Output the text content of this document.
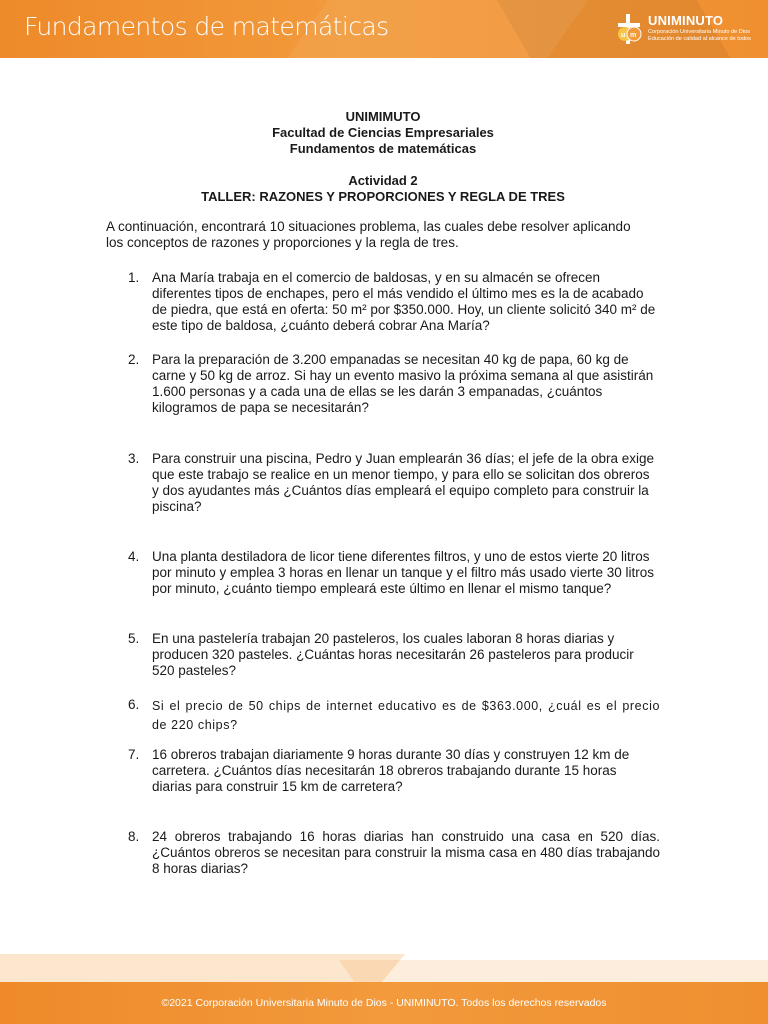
Fundamentos de matemáticas	u m
UNIMINUTO
Corporación Universitaria Minuto de Dios
Educación de calidad al alcance de todos
UNIMIMUTO
Facultad de Ciencias Empresariales
Fundamentos de matemáticas
Actividad 2
TALLER: RAZONES Y PROPORCIONES Y REGLA DE TRES
A continuación, encontrará 10 situaciones problema, las cuales debe resolver aplicando los conceptos de razones y proporciones y la regla de tres.
1. Ana María trabaja en el comercio de baldosas, y en su almacén se ofrecen diferentes tipos de enchapes, pero el más vendido el último mes es la de acabado de piedra, que está en oferta: 50 m² por $350.000. Hoy, un cliente solicitó 340 m² de este tipo de baldosa, ¿cuánto deberá cobrar Ana María?
2. Para la preparación de 3.200 empanadas se necesitan 40 kg de papa, 60 kg de carne y 50 kg de arroz. Si hay un evento masivo la próxima semana al que asistirán 1.600 personas y a cada una de ellas se les darán 3 empanadas, ¿cuántos kilogramos de papa se necesitarán?
3. Para construir una piscina, Pedro y Juan emplearán 36 días; el jefe de la obra exige que este trabajo se realice en un menor tiempo, y para ello se solicitan dos obreros y dos ayudantes más ¿Cuántos días empleará el equipo completo para construir la piscina?
4. Una planta destiladora de licor tiene diferentes filtros, y uno de estos vierte 20 litros por minuto y emplea 3 horas en llenar un tanque y el filtro más usado vierte 30 litros por minuto, ¿cuánto tiempo empleará este último en llenar el mismo tanque?
5. En una pastelería trabajan 20 pasteleros, los cuales laboran 8 horas diarias y producen 320 pasteles. ¿Cuántas horas necesitarán 26 pasteleros para producir 520 pasteles?
6.	Si el precio de 50 chips de internet educativo es de $363.000, ¿cuál es el precio de 220 chips?
7. 16 obreros trabajan diariamente 9 horas durante 30 días y construyen 12 km de carretera. ¿Cuántos días necesitarán 18 obreros trabajando durante 15 horas diarias para construir 15 km de carretera?
8. 24 obreros trabajando 16 horas diarias han construido una casa en 520 días. ¿Cuántos obreros se necesitan para construir la misma casa en 480 días trabajando 8 horas diarias?
©2021 Corporación Universitaria Minuto de Dios - UNIMINUTO. Todos los derechos reservados
